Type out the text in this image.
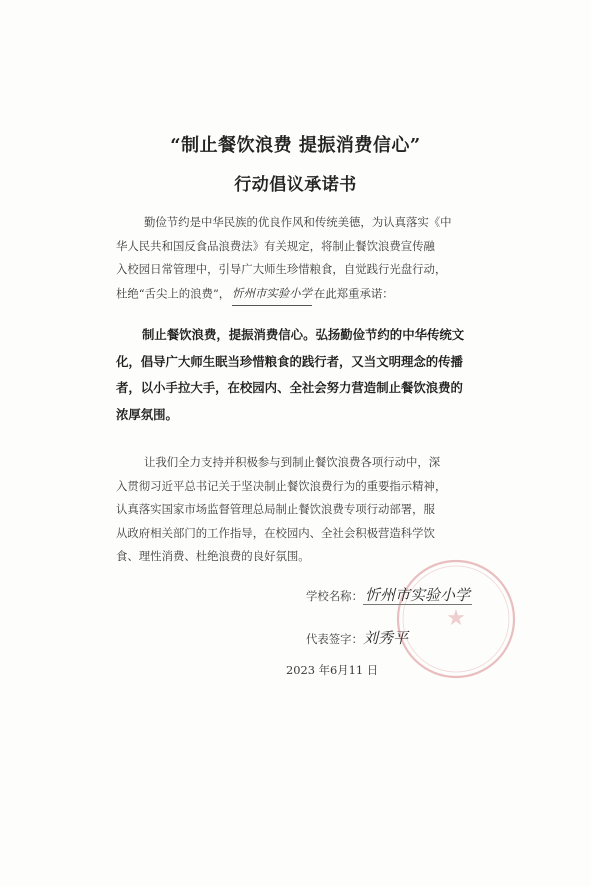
“制止餐饮浪费 提振消费信心”
行动倡议承诺书
勤俭节约是中华民族的优良作风和传统美德，为认真落实《中
华人民共和国反食品浪费法》有关规定，将制止餐饮浪费宣传融
入校园日常管理中，引导广大师生珍惜粮食，自觉践行光盘行动，
杜绝“舌尖上的浪费”， 忻州市实验小学 在此郑重承诺：
制止餐饮浪费，提振消费信心。弘扬勤俭节约的中华传统文
化，倡导广大师生眠当珍惜粮食的践行者，又当文明理念的传播
者，以小手拉大手，在校园内、全社会努力营造制止餐饮浪费的
浓厚氛围。
让我们全力支持并积极参与到制止餐饮浪费各项行动中，深
入贯彻习近平总书记关于坚决制止餐饮浪费行为的重要指示精神，
认真落实国家市场监督管理总局制止餐饮浪费专项行动部署，服
从政府相关部门的工作指导，在校园内、全社会积极营造科学饮
食、理性消费、杜绝浪费的良好氛围。
★
学校名称： 忻州市实验小学
代表签字：刘秀平
2023 年6月11 日
